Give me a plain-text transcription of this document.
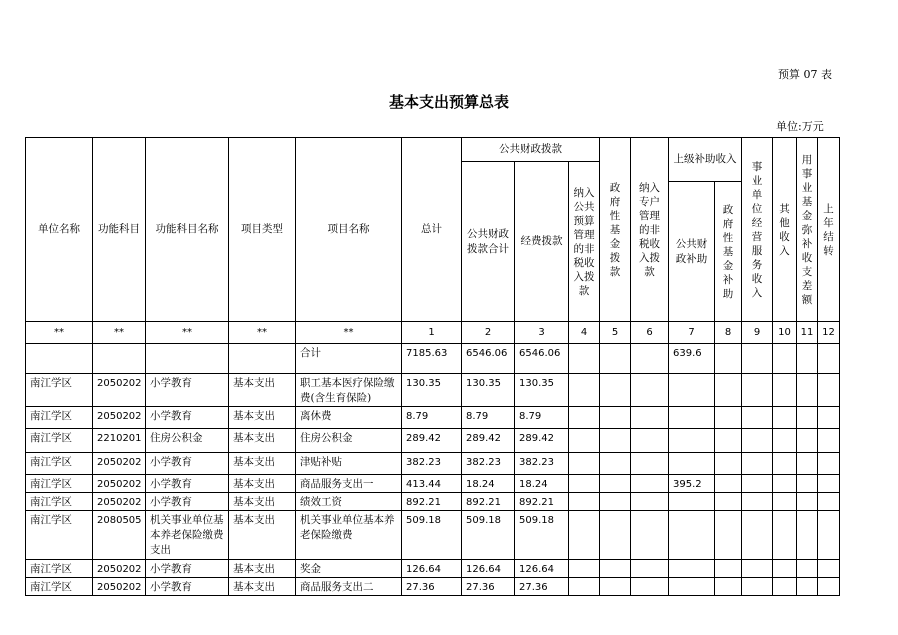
预算 07 表
基本支出预算总表
单位:万元
单位名称	功能科目	功能科目名称	项目类型	项目名称	总计	公共财政拨款			政府性基金拨款	纳入专户管理的非税收入拨款	上级补助收入		事业单位经营服务收入	其他收入	用事业基金弥补收支差额	上年结转
						公共财政拨款合计	经费拨款	纳入公共预算管理的非税收入拨款								
											公共财政补助	政府性基金补助				
**	**	**	**	**	1	2	3	4	5	6	7	8	9	10	11	12
				合计	7185.63	6546.06	6546.06				639.6					
南江学区	2050202	小学教育	基本支出	职工基本医疗保险缴费(含生育保险)	130.35	130.35	130.35									
南江学区	2050202	小学教育	基本支出	离休费	8.79	8.79	8.79									
南江学区	2210201	住房公积金	基本支出	住房公积金	289.42	289.42	289.42									
南江学区	2050202	小学教育	基本支出	津贴补贴	382.23	382.23	382.23									
南江学区	2050202	小学教育	基本支出	商品服务支出一	413.44	18.24	18.24				395.2					
南江学区	2050202	小学教育	基本支出	绩效工资	892.21	892.21	892.21									
南江学区	2080505	机关事业单位基本养老保险缴费支出	基本支出	机关事业单位基本养老保险缴费	509.18	509.18	509.18									
南江学区	2050202	小学教育	基本支出	奖金	126.64	126.64	126.64									
南江学区	2050202	小学教育	基本支出	商品服务支出二	27.36	27.36	27.36									
